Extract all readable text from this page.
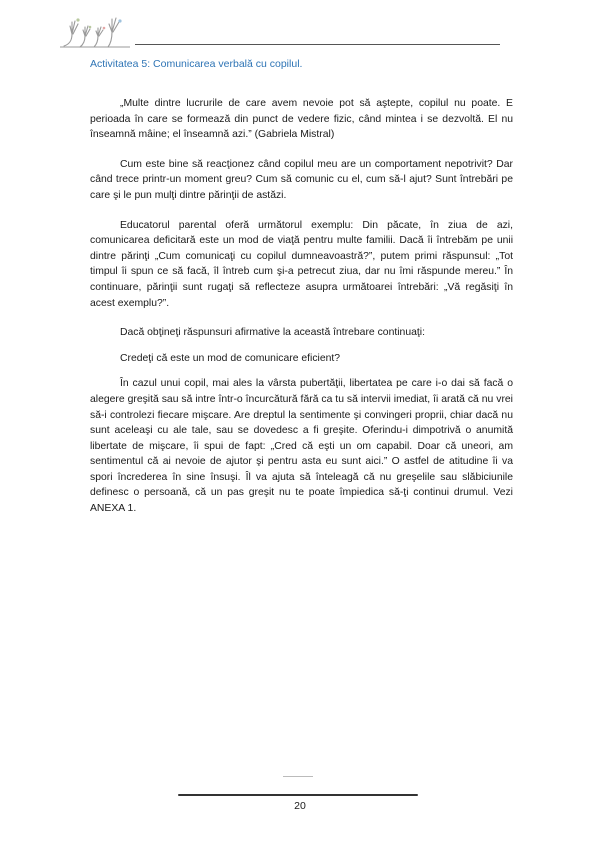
Activitatea 5: Comunicarea verbală cu copilul.

„Multe dintre lucrurile de care avem nevoie pot să aştepte, copilul nu poate. E perioada în care se formează din punct de vedere fizic, când mintea i se dezvoltă. El nu înseamnă mâine; el înseamnă azi.” (Gabriela Mistral)

Cum este bine să reacţionez când copilul meu are un comportament nepotrivit? Dar când trece printr-un moment greu? Cum să comunic cu el, cum să-l ajut? Sunt întrebări pe care şi le pun mulţi dintre părinţii de astăzi.

Educatorul parental oferă următorul exemplu: Din păcate, în ziua de azi, comunicarea deficitară este un mod de viaţă pentru multe familii. Dacă îi întrebăm pe unii dintre părinţi „Cum comunicaţi cu copilul dumneavoastră?”, putem primi răspunsul: „Tot timpul îi spun ce să facă, îl întreb cum şi-a petrecut ziua, dar nu îmi răspunde mereu.” În continuare, părinţii sunt rugaţi să reflecteze asupra următoarei întrebări: „Vă regăsiţi în acest exemplu?”.

Dacă obţineţi răspunsuri afirmative la această întrebare continuaţi:

Credeţi că este un mod de comunicare eficient?

În cazul unui copil, mai ales la vârsta pubertăţii, libertatea pe care i-o dai să facă o alegere greşită sau să intre într-o încurcătură fără ca tu să intervii imediat, îi arată că nu vrei să-i controlezi fiecare mişcare. Are dreptul la sentimente şi convingeri proprii, chiar dacă nu sunt aceleaşi cu ale tale, sau se dovedesc a fi greşite. Oferindu-i dimpotrivă o anumită libertate de mişcare, îi spui de fapt: „Cred că eşti un om capabil. Doar că uneori, am sentimentul că ai nevoie de ajutor şi pentru asta eu sunt aici.” O astfel de atitudine îi va spori încrederea în sine însuşi. Îl va ajuta să înteleagă că nu greşelile sau slăbiciunile definesc o persoană, că un pas greşit nu te poate împiedica să-ţi continui drumul. Vezi ANEXA 1.

20
